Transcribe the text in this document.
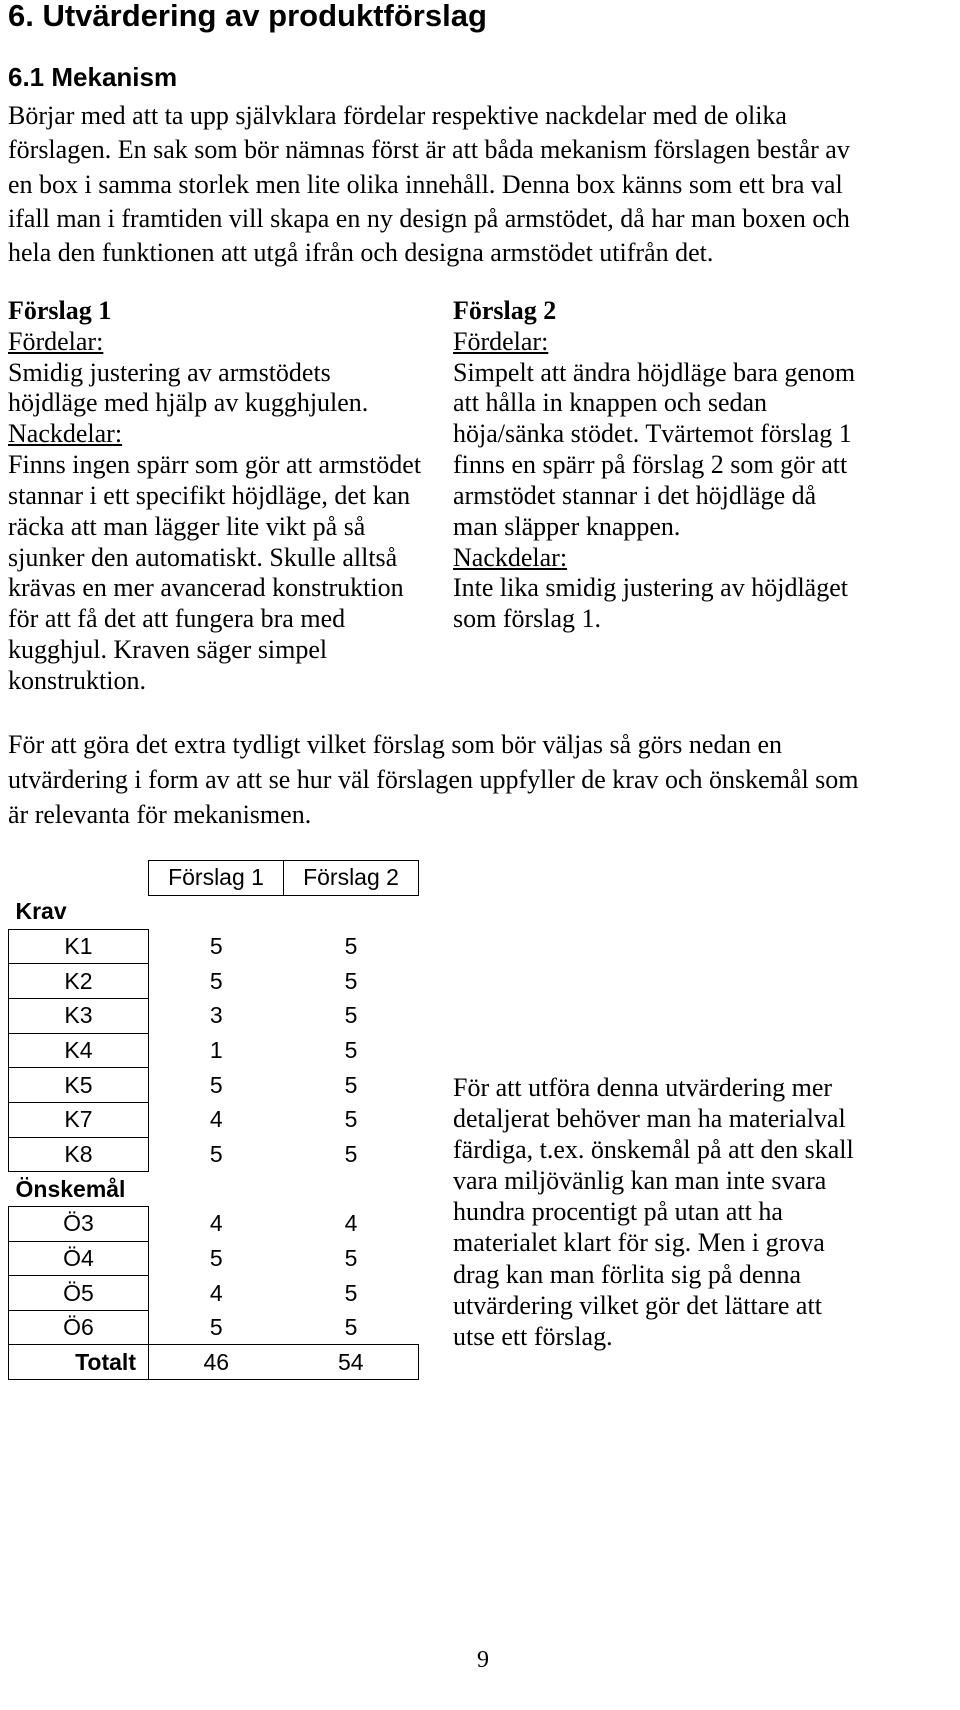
6. Utvärdering av produktförslag
6.1 Mekanism
Börjar med att ta upp självklara fördelar respektive nackdelar med de olika
förslagen. En sak som bör nämnas först är att båda mekanism förslagen består av
en box i samma storlek men lite olika innehåll. Denna box känns som ett bra val
ifall man i framtiden vill skapa en ny design på armstödet, då har man boxen och
hela den funktionen att utgå ifrån och designa armstödet utifrån det.
Förslag 1
Fördelar:
Smidig justering av armstödets
höjdläge med hjälp av kugghjulen.
Nackdelar:
Finns ingen spärr som gör att armstödet
stannar i ett specifikt höjdläge, det kan
räcka att man lägger lite vikt på så
sjunker den automatiskt. Skulle alltså
krävas en mer avancerad konstruktion
för att få det att fungera bra med
kugghjul. Kraven säger simpel
konstruktion.
Förslag 2
Fördelar:
Simpelt att ändra höjdläge bara genom
att hålla in knappen och sedan
höja/sänka stödet. Tvärtemot förslag 1
finns en spärr på förslag 2 som gör att
armstödet stannar i det höjdläge då
man släpper knappen.
Nackdelar:
Inte lika smidig justering av höjdläget
som förslag 1.
För att göra det extra tydligt vilket förslag som bör väljas så görs nedan en
utvärdering i form av att se hur väl förslagen uppfyller de krav och önskemål som
är relevanta för mekanismen.
	Förslag 1	Förslag 2
Krav		
K1	5	5
K2	5	5
K3	3	5
K4	1	5
K5	5	5
K7	4	5
K8	5	5
Önskemål		
Ö3	4	4
Ö4	5	5
Ö5	4	5
Ö6	5	5
Totalt	46	54
För att utföra denna utvärdering mer
detaljerat behöver man ha materialval
färdiga, t.ex. önskemål på att den skall
vara miljövänlig kan man inte svara
hundra procentigt på utan att ha
materialet klart för sig. Men i grova
drag kan man förlita sig på denna
utvärdering vilket gör det lättare att
utse ett förslag.
9
